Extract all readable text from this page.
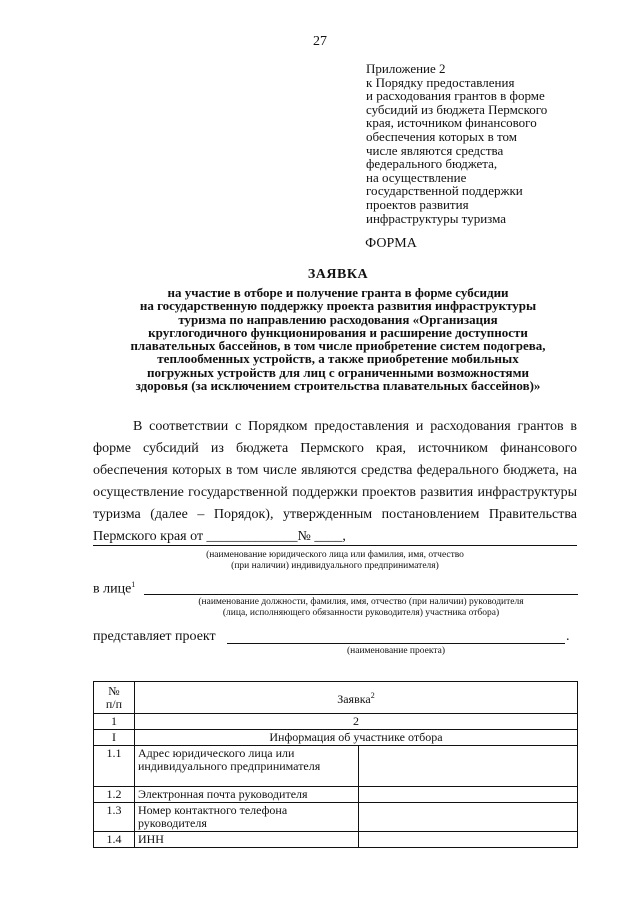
27
Приложение 2
к Порядку предоставления
и расходования грантов в форме
субсидий из бюджета Пермского
края, источником финансового
обеспечения которых в том
числе являются средства
федерального бюджета,
на осуществление
государственной поддержки
проектов развития
инфраструктуры туризма
ФОРМА
ЗАЯВКА
на участие в отборе и получение гранта в форме субсидии
на государственную поддержку проекта развития инфраструктуры
туризма по направлению расходования «Организация
круглогодичного функционирования и расширение доступности
плавательных бассейнов, в том числе приобретение систем подогрева,
теплообменных устройств, а также приобретение мобильных
погружных устройств для лиц с ограниченными возможностями
здоровья (за исключением строительства плавательных бассейнов)»

В соответствии с Порядком предоставления и расходования грантов в форме субсидий из бюджета Пермского края, источником финансового обеспечения которых в том числе являются средства федерального бюджета, на осуществление государственной поддержки проектов развития инфраструктуры туризма (далее – Порядок), утвержденным постановлением Правительства Пермского края от _____________№ ____,

(наименование юридического лица или фамилия, имя, отчество
(при наличии) индивидуального предпринимателя)
в лице$^1$
(наименование должности, фамилия, имя, отчество (при наличии) руководителя
(лица, исполняющего обязанности руководителя) участника отбора)
представляет проект	.
(наименование проекта)
№
п/п	Заявка$^2$
1	2	
I	Информация об участнике отбора	
1.1	Адрес юридического лица или индивидуального предпринимателя	
1.2	Электронная почта руководителя	
1.3	Номер контактного телефона руководителя	
1.4	ИНН	
